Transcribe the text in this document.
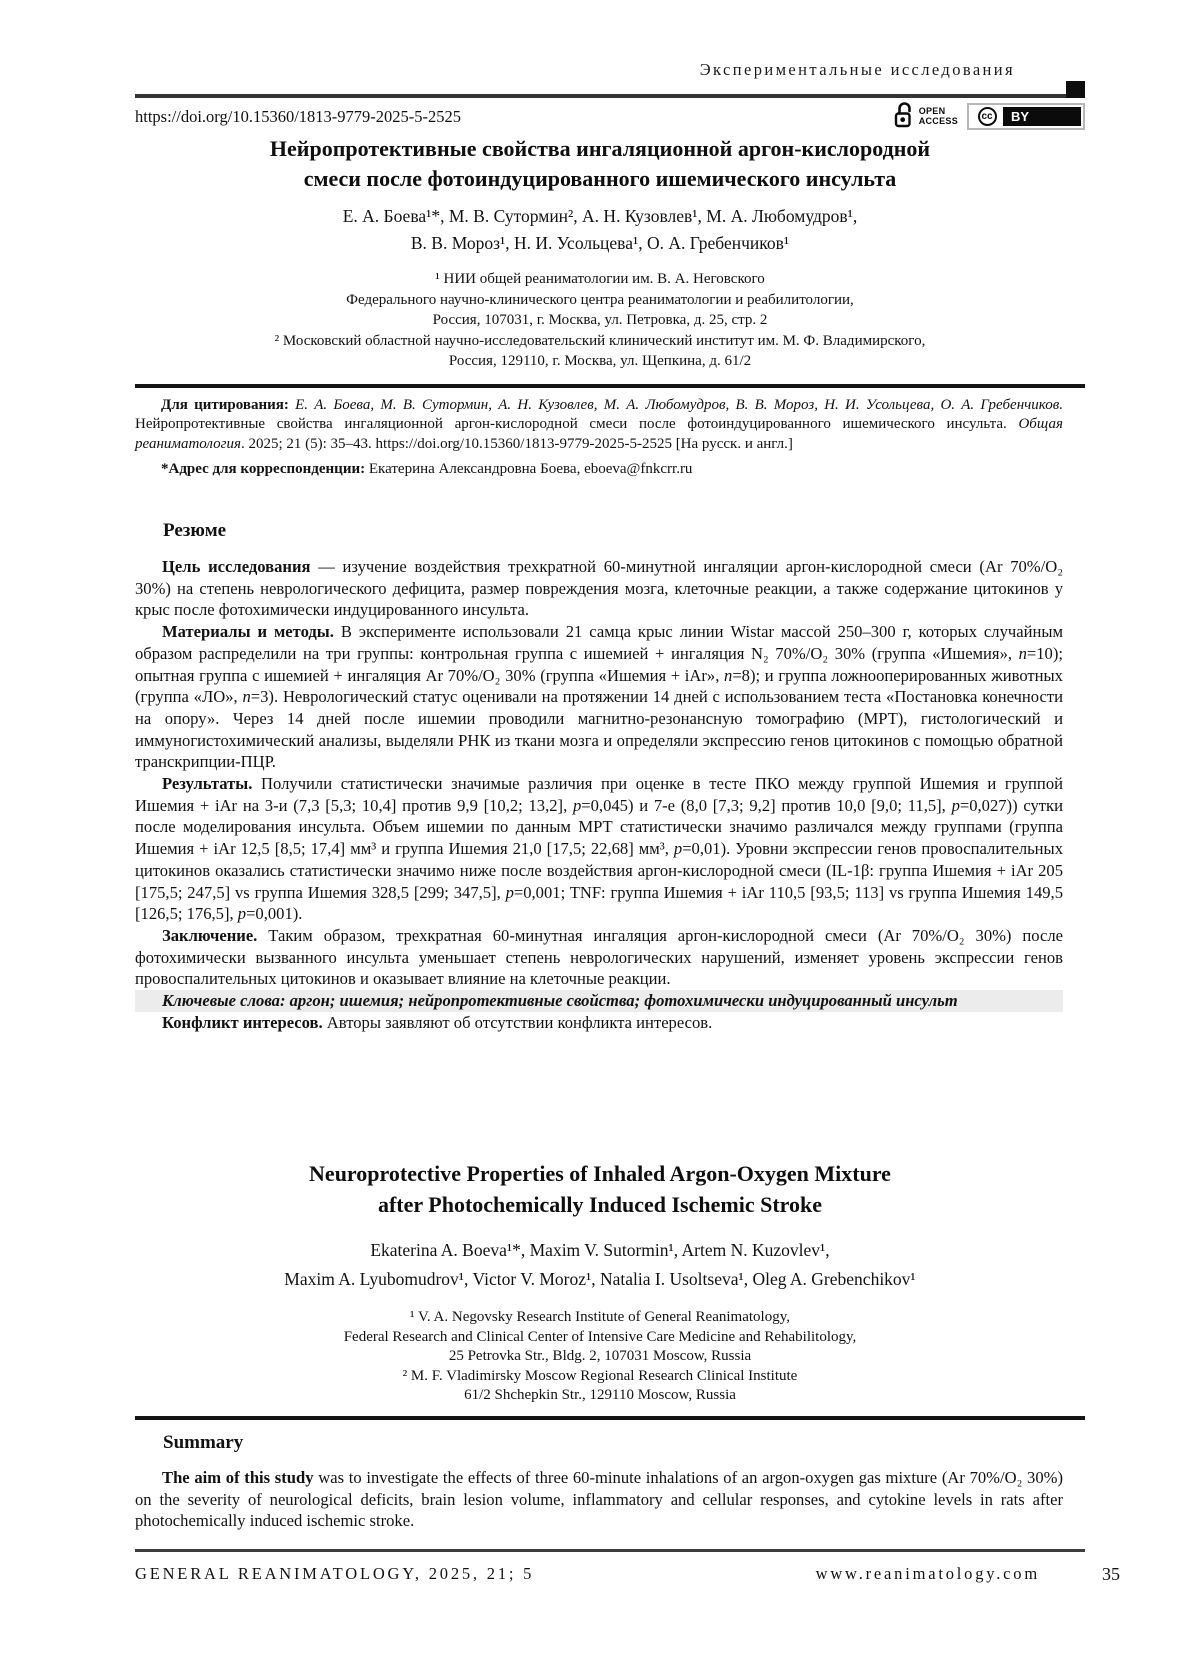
Экспериментальные исследования
https://doi.org/10.15360/1813-9779-2025-5-2525	OPEN
ACCESS	cc	BY
Нейропротективные свойства ингаляционной аргон-кислородной
смеси после фотоиндуцированного ишемического инсульта
Е. А. Боева¹*, М. В. Сутормин², А. Н. Кузовлев¹, М. А. Любомудров¹,
В. В. Мороз¹, Н. И. Усольцева¹, О. А. Гребенчиков¹
¹ НИИ общей реаниматологии им. В. А. Неговского
Федерального научно-клинического центра реаниматологии и реабилитологии,
Россия, 107031, г. Москва, ул. Петровка, д. 25, стр. 2
² Московский областной научно-исследовательский клинический институт им. М. Ф. Владимирского,
Россия, 129110, г. Москва, ул. Щепкина, д. 61/2

Для цитирования: Е. А. Боева, М. В. Сутормин, А. Н. Кузовлев, М. А. Любомудров, В. В. Мороз, Н. И. Усольцева, О. А. Гребенчиков. Нейропротективные свойства ингаляционной аргон-кислородной смеси после фотоиндуцированного ишемического инсульта. Общая реаниматология. 2025; 21 (5): 35–43. https://doi.org/10.15360/1813-9779-2025-5-2525 [На русск. и англ.]

*Адрес для корреспонденции: Екатерина Александровна Боева, eboeva@fnkcrr.ru

Резюме

Цель исследования — изучение воздействия трехкратной 60-минутной ингаляции аргон-кислородной смеси (Ar 70%/O₂ 30%) на степень неврологического дефицита, размер повреждения мозга, клеточные реакции, а также содержание цитокинов у крыс после фотохимически индуцированного инсульта.

Материалы и методы. В эксперименте использовали 21 самца крыс линии Wistar массой 250–300 г, которых случайным образом распределили на три группы: контрольная группа с ишемией + ингаляция N₂ 70%/O₂ 30% (группа «Ишемия», n=10); опытная группа с ишемией + ингаляция Ar 70%/O₂ 30% (группа «Ишемия + iAr», n=8); и группа ложнооперированных животных (группа «ЛО», n=3). Неврологический статус оценивали на протяжении 14 дней с использованием теста «Постановка конечности на опору». Через 14 дней после ишемии проводили магнитно-резонансную томографию (МРТ), гистологический и иммуногистохимический анализы, выделяли РНК из ткани мозга и определяли экспрессию генов цитокинов с помощью обратной транскрипции-ПЦР.

Результаты. Получили статистически значимые различия при оценке в тесте ПКО между группой Ишемия и группой Ишемия + iAr на 3-и (7,3 [5,3; 10,4] против 9,9 [10,2; 13,2], p=0,045) и 7-е (8,0 [7,3; 9,2] против 10,0 [9,0; 11,5], p=0,027)) сутки после моделирования инсульта. Объем ишемии по данным МРТ статистически значимо различался между группами (группа Ишемия + iAr 12,5 [8,5; 17,4] мм³ и группа Ишемия 21,0 [17,5; 22,68] мм³, p=0,01). Уровни экспрессии генов провоспалительных цитокинов оказались статистически значимо ниже после воздействия аргон-кислородной смеси (IL-1β: группа Ишемия + iAr 205 [175,5; 247,5] vs группа Ишемия 328,5 [299; 347,5], p=0,001; TNF: группа Ишемия + iAr 110,5 [93,5; 113] vs группа Ишемия 149,5 [126,5; 176,5], p=0,001).

Заключение. Таким образом, трехкратная 60-минутная ингаляция аргон-кислородной смеси (Ar 70%/O₂ 30%) после фотохимически вызванного инсульта уменьшает степень неврологических нарушений, изменяет уровень экспрессии генов провоспалительных цитокинов и оказывает влияние на клеточные реакции.

Ключевые слова: аргон; ишемия; нейропротективные свойства; фотохимически индуцированный инсульт

Конфликт интересов. Авторы заявляют об отсутствии конфликта интересов.

Neuroprotective Properties of Inhaled Argon-Oxygen Mixture
after Photochemically Induced Ischemic Stroke
Ekaterina A. Boeva¹*, Maxim V. Sutormin¹, Artem N. Kuzovlev¹,
Maxim A. Lyubomudrov¹, Victor V. Moroz¹, Natalia I. Usoltseva¹, Oleg A. Grebenchikov¹
¹ V. A. Negovsky Research Institute of General Reanimatology,
Federal Research and Clinical Center of Intensive Care Medicine and Rehabilitology,
25 Petrovka Str., Bldg. 2, 107031 Moscow, Russia
² M. F. Vladimirsky Moscow Regional Research Clinical Institute
61/2 Shchepkin Str., 129110 Moscow, Russia
Summary

The aim of this study was to investigate the effects of three 60-minute inhalations of an argon-oxygen gas mixture (Ar 70%/O₂ 30%) on the severity of neurological deficits, brain lesion volume, inflammatory and cellular responses, and cytokine levels in rats after photochemically induced ischemic stroke.

GENERAL REANIMATOLOGY, 2025, 21; 5	www.reanimatology.com	35
